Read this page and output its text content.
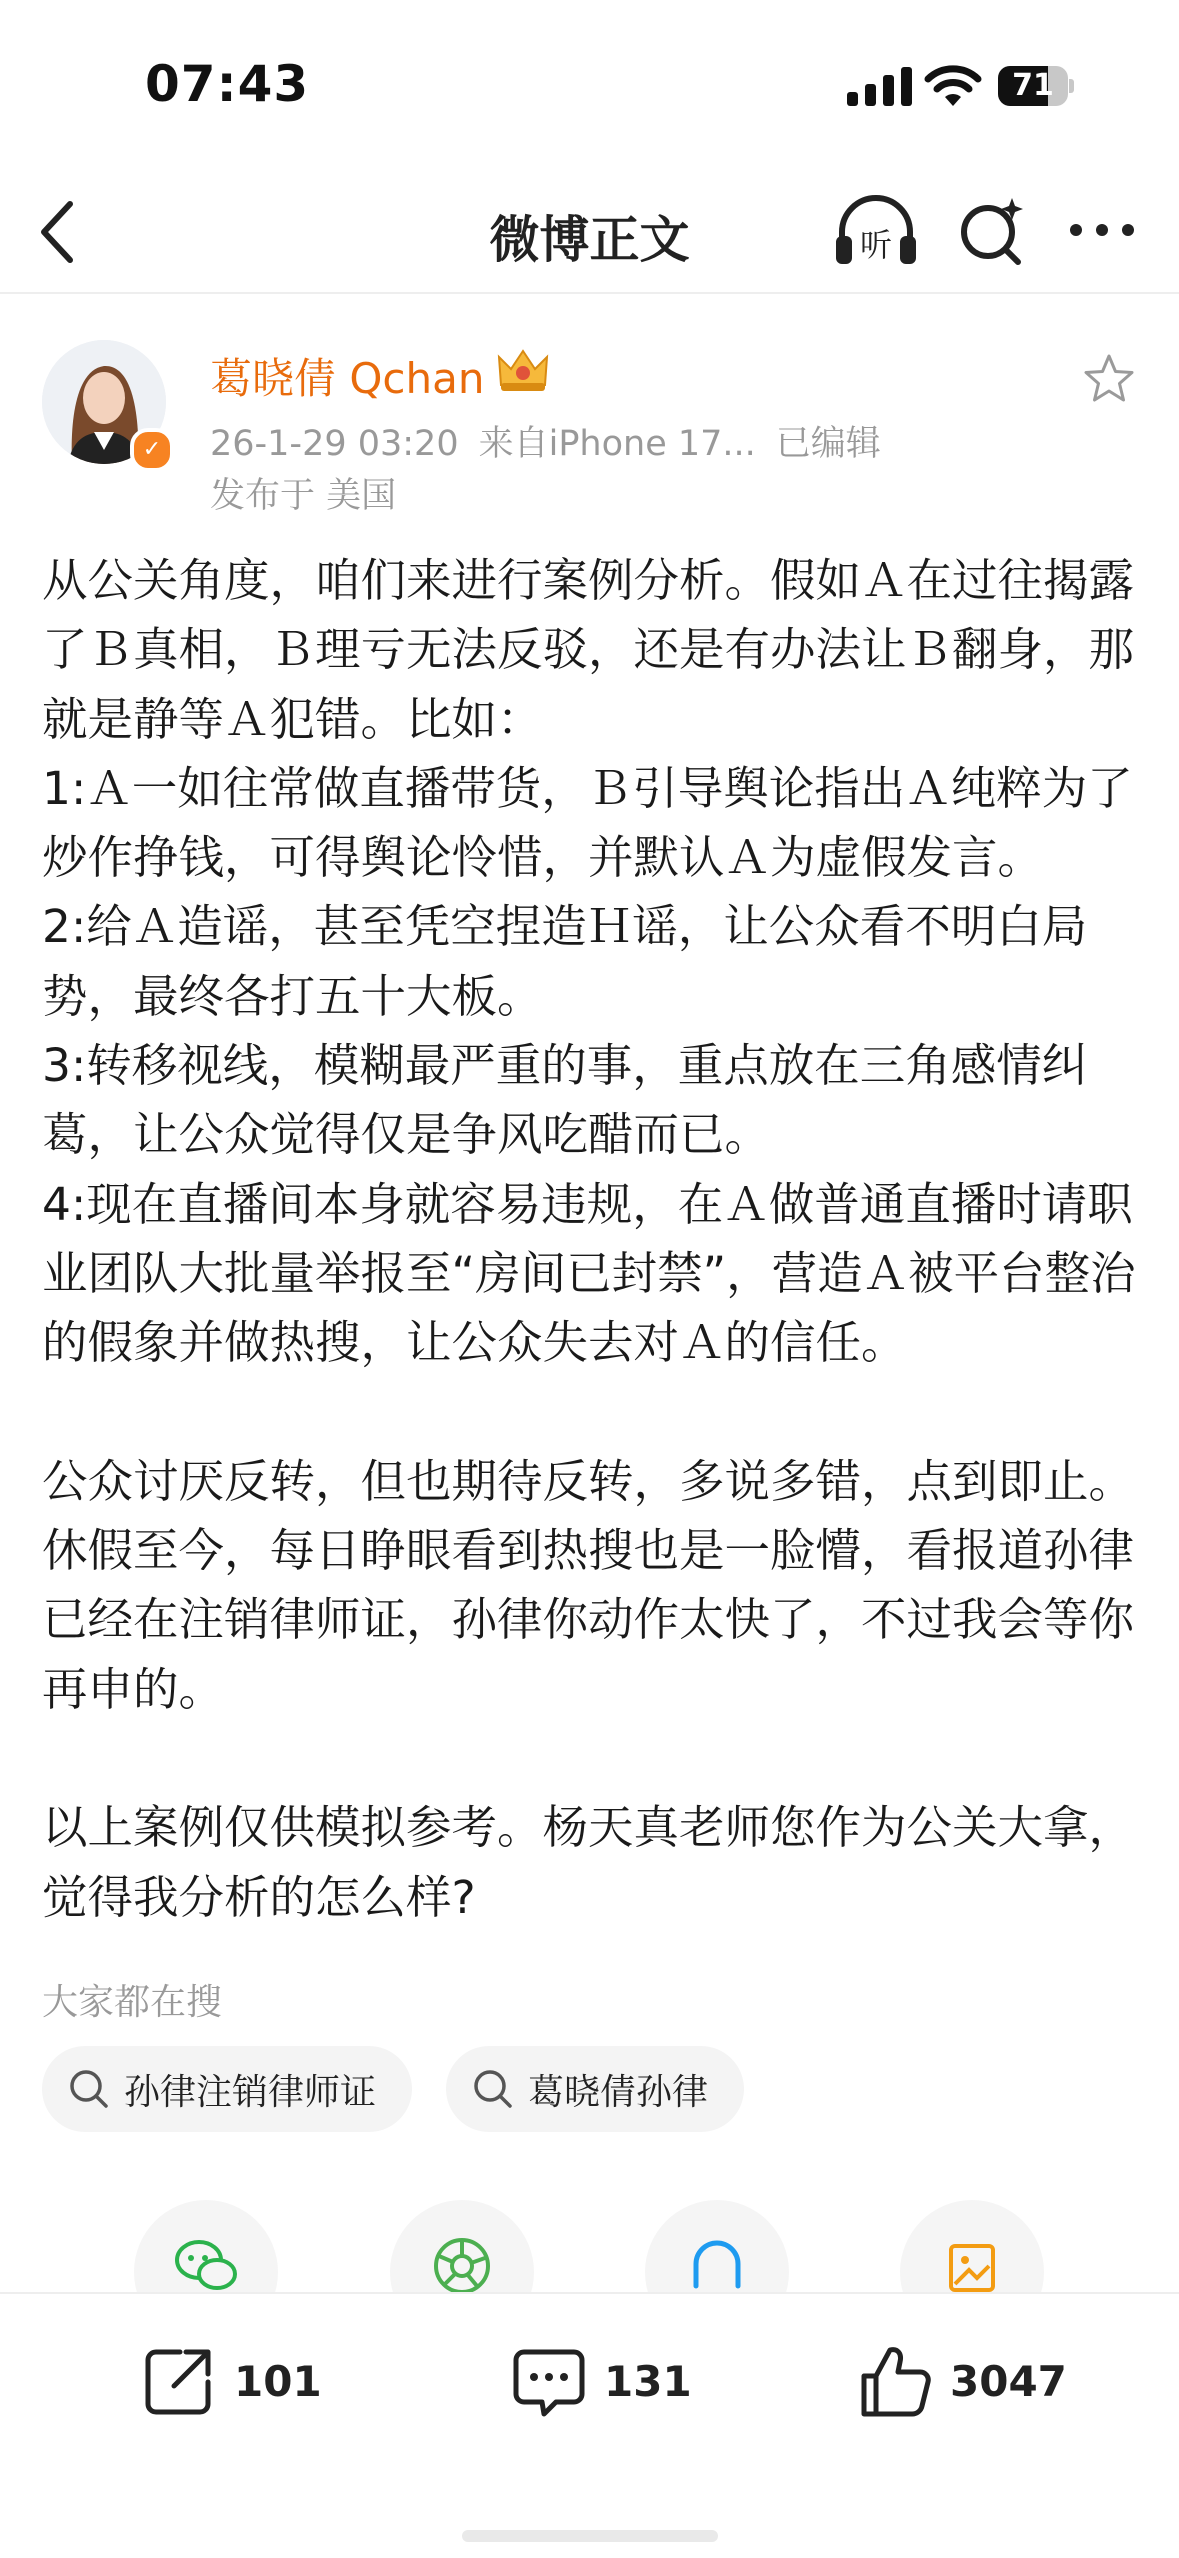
07:43	71
微博正文	听
✓
葛晓倩 Qchan
26-1-29 03:20 来自iPhone 17... 已编辑
发布于 美国

从公关角度，咱们来进行案例分析。假如Ａ在过往揭露了Ｂ真相，Ｂ理亏无法反驳，还是有办法让Ｂ翻身，那就是静等Ａ犯错。比如：

1:Ａ一如往常做直播带货，Ｂ引导舆论指出Ａ纯粹为了炒作挣钱，可得舆论怜惜，并默认Ａ为虚假发言。

2:给Ａ造谣，甚至凭空捏造Ｈ谣，让公众看不明白局势，最终各打五十大板。

3:转移视线，模糊最严重的事，重点放在三角感情纠葛，让公众觉得仅是争风吃醋而已。

4:现在直播间本身就容易违规，在Ａ做普通直播时请职业团队大批量举报至“房间已封禁”，营造Ａ被平台整治的假象并做热搜，让公众失去对Ａ的信任。

公众讨厌反转，但也期待反转，多说多错，点到即止。休假至今，每日睁眼看到热搜也是一脸懵，看报道孙律已经在注销律师证，孙律你动作太快了，不过我会等你再申的。

以上案例仅供模拟参考。杨天真老师您作为公关大拿，觉得我分析的怎么样?

大家都在搜
孙律注销律师证	葛晓倩孙律
101	131	3047
